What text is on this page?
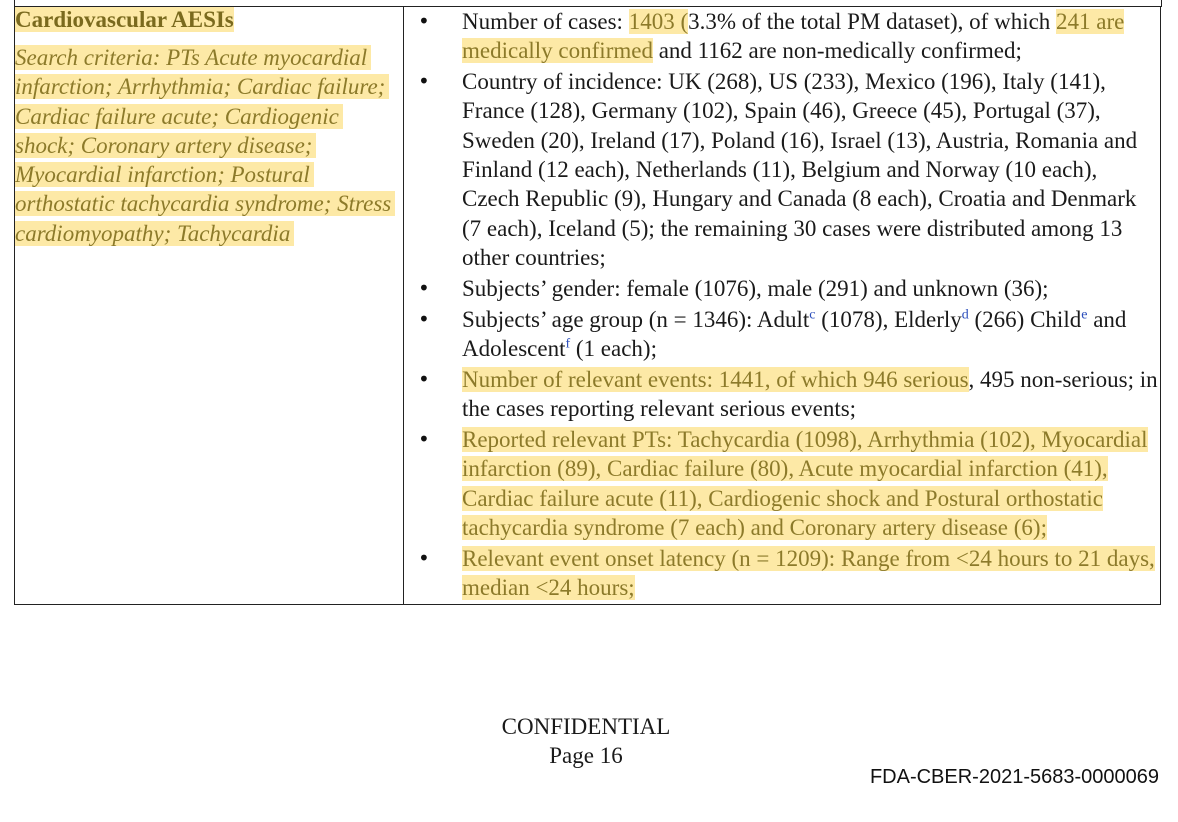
Cardiovascular AESIs
Search criteria: PTs Acute myocardial infarction; Arrhythmia; Cardiac failure; Cardiac failure acute; Cardiogenic shock; Coronary artery disease; Myocardial infarction; Postural orthostatic tachycardia syndrome; Stress cardiomyopathy; Tachycardia

• Number of cases: 1403 (3.3% of the total PM dataset), of which 241 are medically confirmed and 1162 are non-medically confirmed;
• Country of incidence: UK (268), US (233), Mexico (196), Italy (141), France (128), Germany (102), Spain (46), Greece (45), Portugal (37), Sweden (20), Ireland (17), Poland (16), Israel (13), Austria, Romania and Finland (12 each), Netherlands (11), Belgium and Norway (10 each), Czech Republic (9), Hungary and Canada (8 each), Croatia and Denmark (7 each), Iceland (5); the remaining 30 cases were distributed among 13 other countries;
• Subjects’ gender: female (1076), male (291) and unknown (36);
• Subjects’ age group (n = 1346): Adult$^c$ (1078), Elderly$^d$ (266) Child$^e$ and Adolescent$^f$ (1 each);
• Number of relevant events: 1441, of which 946 serious, 495 non-serious; in the cases reporting relevant serious events;
• Reported relevant PTs: Tachycardia (1098), Arrhythmia (102), Myocardial infarction (89), Cardiac failure (80), Acute myocardial infarction (41), Cardiac failure acute (11), Cardiogenic shock and Postural orthostatic tachycardia syndrome (7 each) and Coronary artery disease (6);
• Relevant event onset latency (n = 1209): Range from <24 hours to 21 days, median <24 hours;
CONFIDENTIAL
Page 16
FDA-CBER-2021-5683-0000069
